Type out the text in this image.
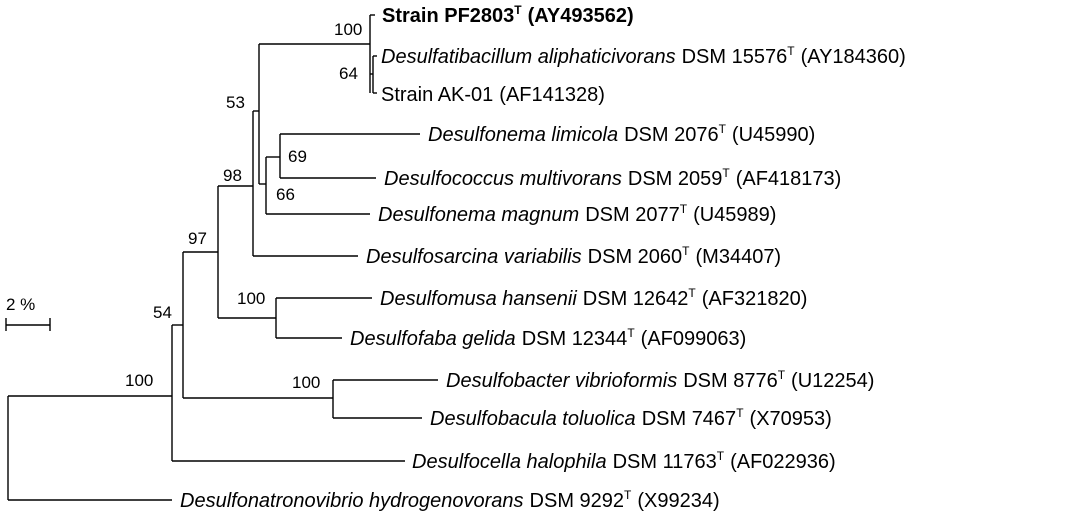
100
64
53
69
66
98
97
100
54
100
100
2 %
Strain $PF2803^T$ (AY493562)
Desulfatibacillum aliphaticivorans DSM $15576^T$ (AY184360)
Strain AK-01 (AF141328)
Desulfonema limicola DSM $2076^T$ (U45990)
Desulfococcus multivorans DSM $2059^T$ (AF418173)
Desulfonema magnum DSM $2077^T$ (U45989)
Desulfosarcina variabilis DSM $2060^T$ (M34407)
Desulfomusa hansenii DSM $12642^T$ (AF321820)
Desulfofaba gelida DSM $12344^T$ (AF099063)
Desulfobacter vibrioformis DSM $8776^T$ (U12254)
Desulfobacula toluolica DSM $7467^T$ (X70953)
Desulfocella halophila DSM $11763^T$ (AF022936)
Desulfonatronovibrio hydrogenovorans DSM $9292^T$ (X99234)
